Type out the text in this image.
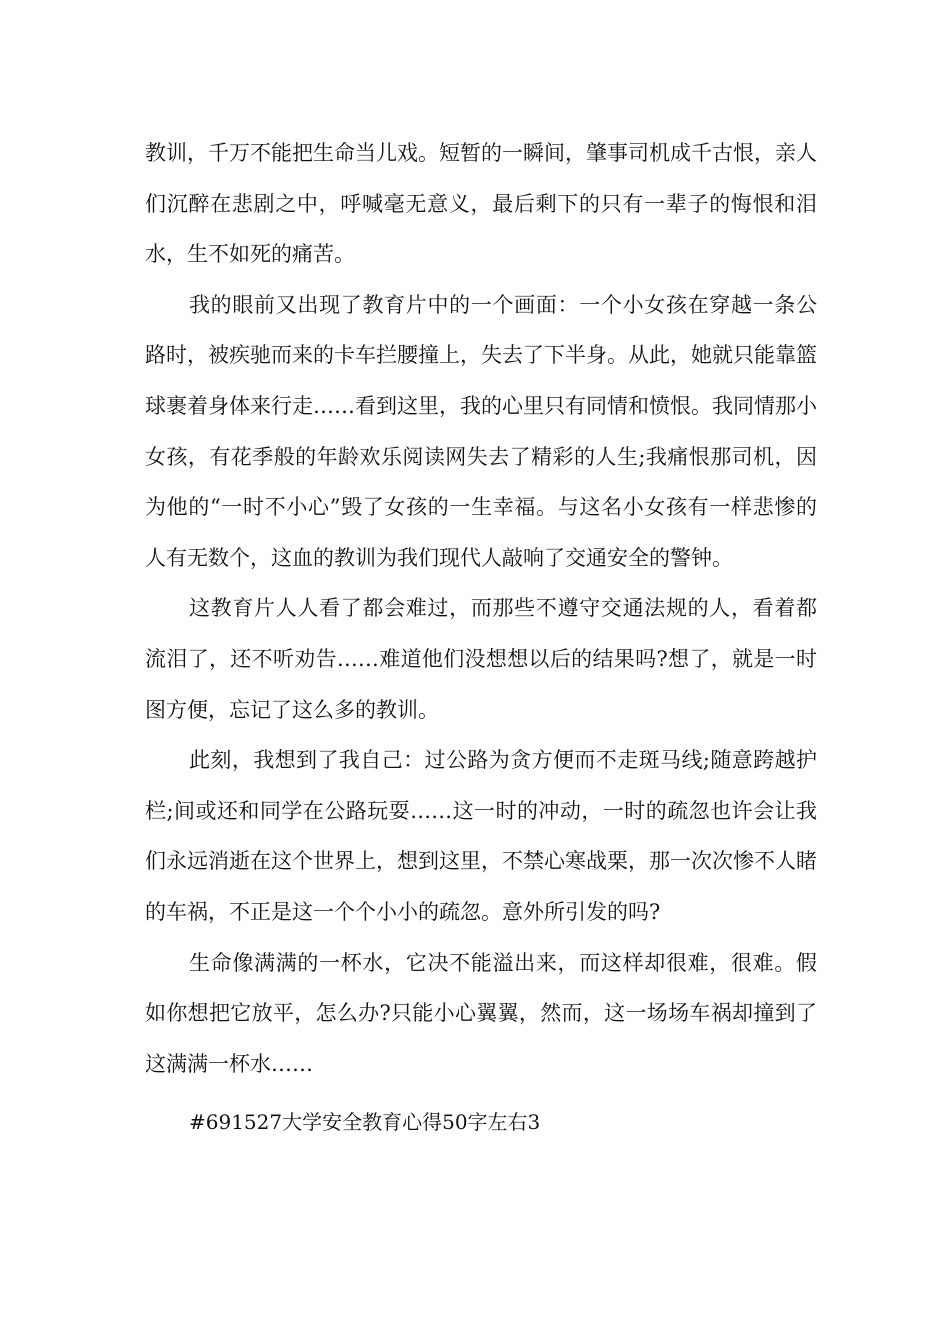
教训，千万不能把生命当儿戏。短暂的一瞬间，肇事司机成千古恨，亲人们沉醉在悲剧之中，呼喊毫无意义，最后剩下的只有一辈子的悔恨和泪水，生不如死的痛苦。

我的眼前又出现了教育片中的一个画面：一个小女孩在穿越一条公路时，被疾驰而来的卡车拦腰撞上，失去了下半身。从此，她就只能靠篮球裹着身体来行走……看到这里，我的心里只有同情和愤恨。我同情那小女孩，有花季般的年龄欢乐阅读网失去了精彩的人生;我痛恨那司机，因为他的“一时不小心”毁了女孩的一生幸福。与这名小女孩有一样悲惨的人有无数个，这血的教训为我们现代人敲响了交通安全的警钟。

这教育片人人看了都会难过，而那些不遵守交通法规的人，看着都流泪了，还不听劝告……难道他们没想想以后的结果吗?想了，就是一时图方便，忘记了这么多的教训。

此刻，我想到了我自己：过公路为贪方便而不走斑马线;随意跨越护栏;间或还和同学在公路玩耍……这一时的冲动，一时的疏忽也许会让我们永远消逝在这个世界上，想到这里，不禁心寒战栗，那一次次惨不人睹的车祸，不正是这一个个小小的疏忽。意外所引发的吗?

生命像满满的一杯水，它决不能溢出来，而这样却很难，很难。假如你想把它放平，怎么办?只能小心翼翼，然而，这一场场车祸却撞到了这满满一杯水……

#691527大学安全教育心得50字左右3
